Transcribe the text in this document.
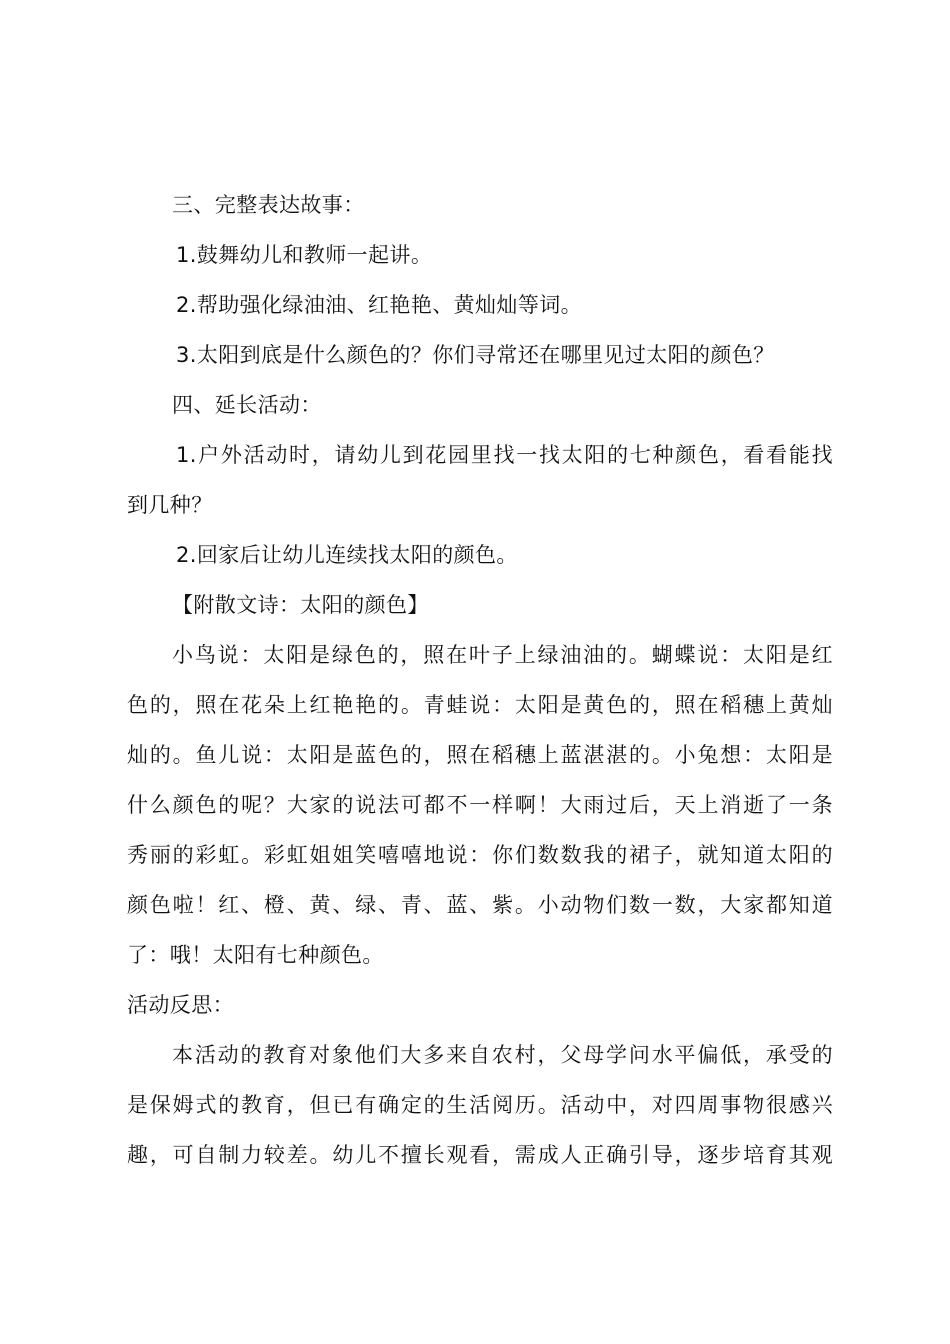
三、完整表达故事：
1.鼓舞幼儿和教师一起讲。
2.帮助强化绿油油、红艳艳、黄灿灿等词。
3.太阳到底是什么颜色的？你们寻常还在哪里见过太阳的颜色？
四、延长活动：
1.户外活动时，请幼儿到花园里找一找太阳的七种颜色，看看能找
到几种？
2.回家后让幼儿连续找太阳的颜色。
【附散文诗：太阳的颜色】
小鸟说：太阳是绿色的，照在叶子上绿油油的。蝴蝶说：太阳是红
色的，照在花朵上红艳艳的。青蛙说：太阳是黄色的，照在稻穗上黄灿
灿的。鱼儿说：太阳是蓝色的，照在稻穗上蓝湛湛的。小兔想：太阳是
什么颜色的呢？大家的说法可都不一样啊！大雨过后，天上消逝了一条
秀丽的彩虹。彩虹姐姐笑嘻嘻地说：你们数数我的裙子，就知道太阳的
颜色啦！红、橙、黄、绿、青、蓝、紫。小动物们数一数，大家都知道
了：哦！太阳有七种颜色。
活动反思：
本活动的教育对象他们大多来自农村，父母学问水平偏低，承受的
是保姆式的教育，但已有确定的生活阅历。活动中，对四周事物很感兴
趣，可自制力较差。幼儿不擅长观看，需成人正确引导，逐步培育其观
